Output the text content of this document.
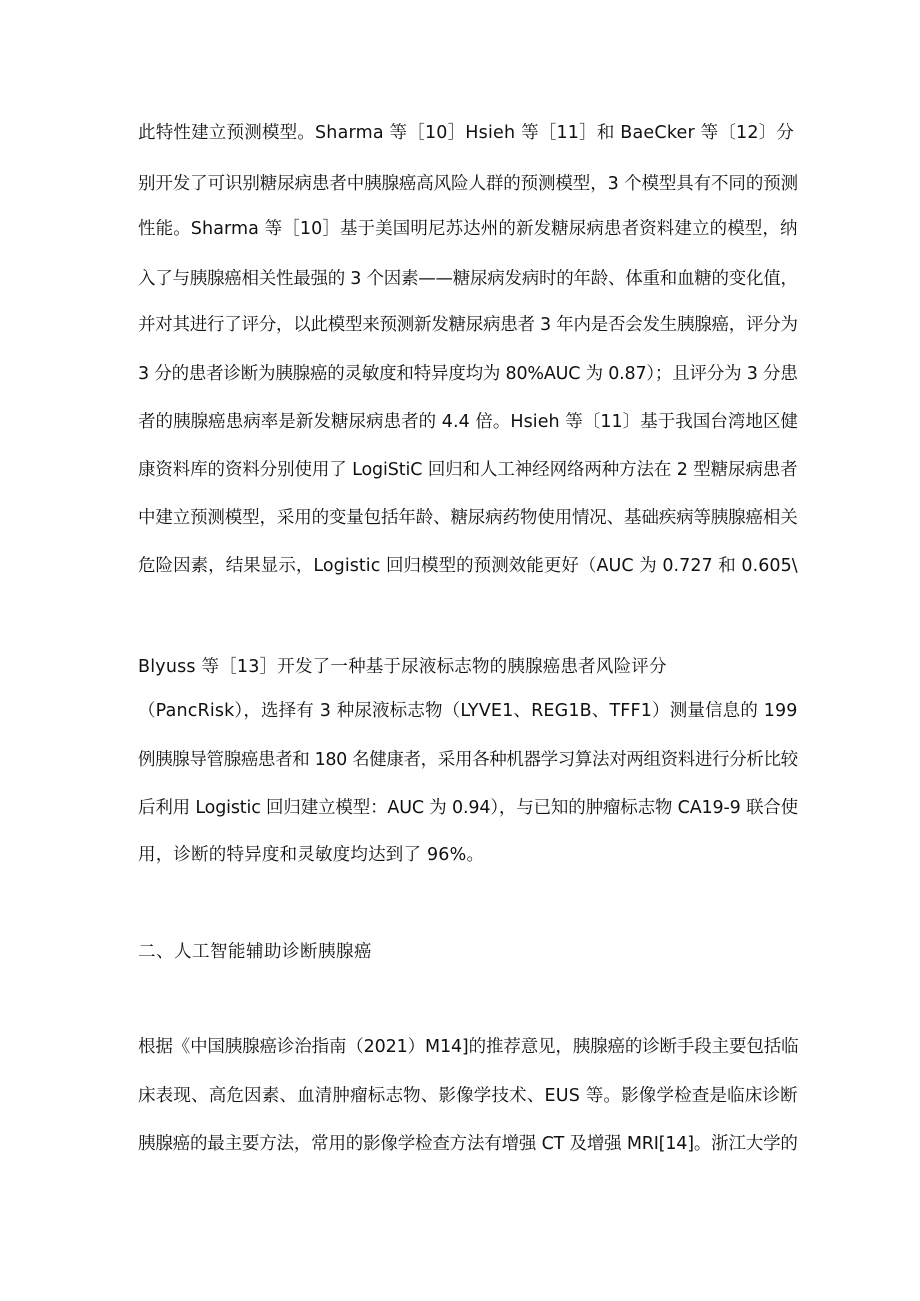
此特性建立预测模型。Sharma 等［10］Hsieh 等［11］和 BaeCker 等〔12〕分
别开发了可识别糖尿病患者中胰腺癌高风险人群的预测模型，3 个模型具有不同的预测
性能。Sharma 等［10］基于美国明尼苏达州的新发糖尿病患者资料建立的模型，纳
入了与胰腺癌相关性最强的 3 个因素——糖尿病发病时的年龄、体重和血糖的变化值，
并对其进行了评分，以此模型来预测新发糖尿病患者 3 年内是否会发生胰腺癌，评分为
3 分的患者诊断为胰腺癌的灵敏度和特异度均为 80%AUC 为 0.87）；且评分为 3 分患
者的胰腺癌患病率是新发糖尿病患者的 4.4 倍。Hsieh 等〔11〕基于我国台湾地区健
康资料库的资料分别使用了 LogiStiC 回归和人工神经网络两种方法在 2 型糖尿病患者
中建立预测模型，采用的变量包括年龄、糖尿病药物使用情况、基础疾病等胰腺癌相关
危险因素，结果显示，Logistic 回归模型的预测效能更好（AUC 为 0.727 和 0.605\
Blyuss 等［13］开发了一种基于尿液标志物的胰腺癌患者风险评分
（PancRisk），选择有 3 种尿液标志物（LYVE1、REG1B、TFF1）测量信息的 199
例胰腺导管腺癌患者和 180 名健康者，采用各种机器学习算法对两组资料进行分析比较
后利用 Logistic 回归建立模型：AUC 为 0.94），与已知的肿瘤标志物 CA19-9 联合使
用，诊断的特异度和灵敏度均达到了 96%。
二、人工智能辅助诊断胰腺癌
根据《中国胰腺癌诊治指南（2021）M14]的推荐意见，胰腺癌的诊断手段主要包括临
床表现、高危因素、血清肿瘤标志物、影像学技术、EUS 等。影像学检查是临床诊断
胰腺癌的最主要方法，常用的影像学检查方法有增强 CT 及增强 MRI[14]。浙江大学的
